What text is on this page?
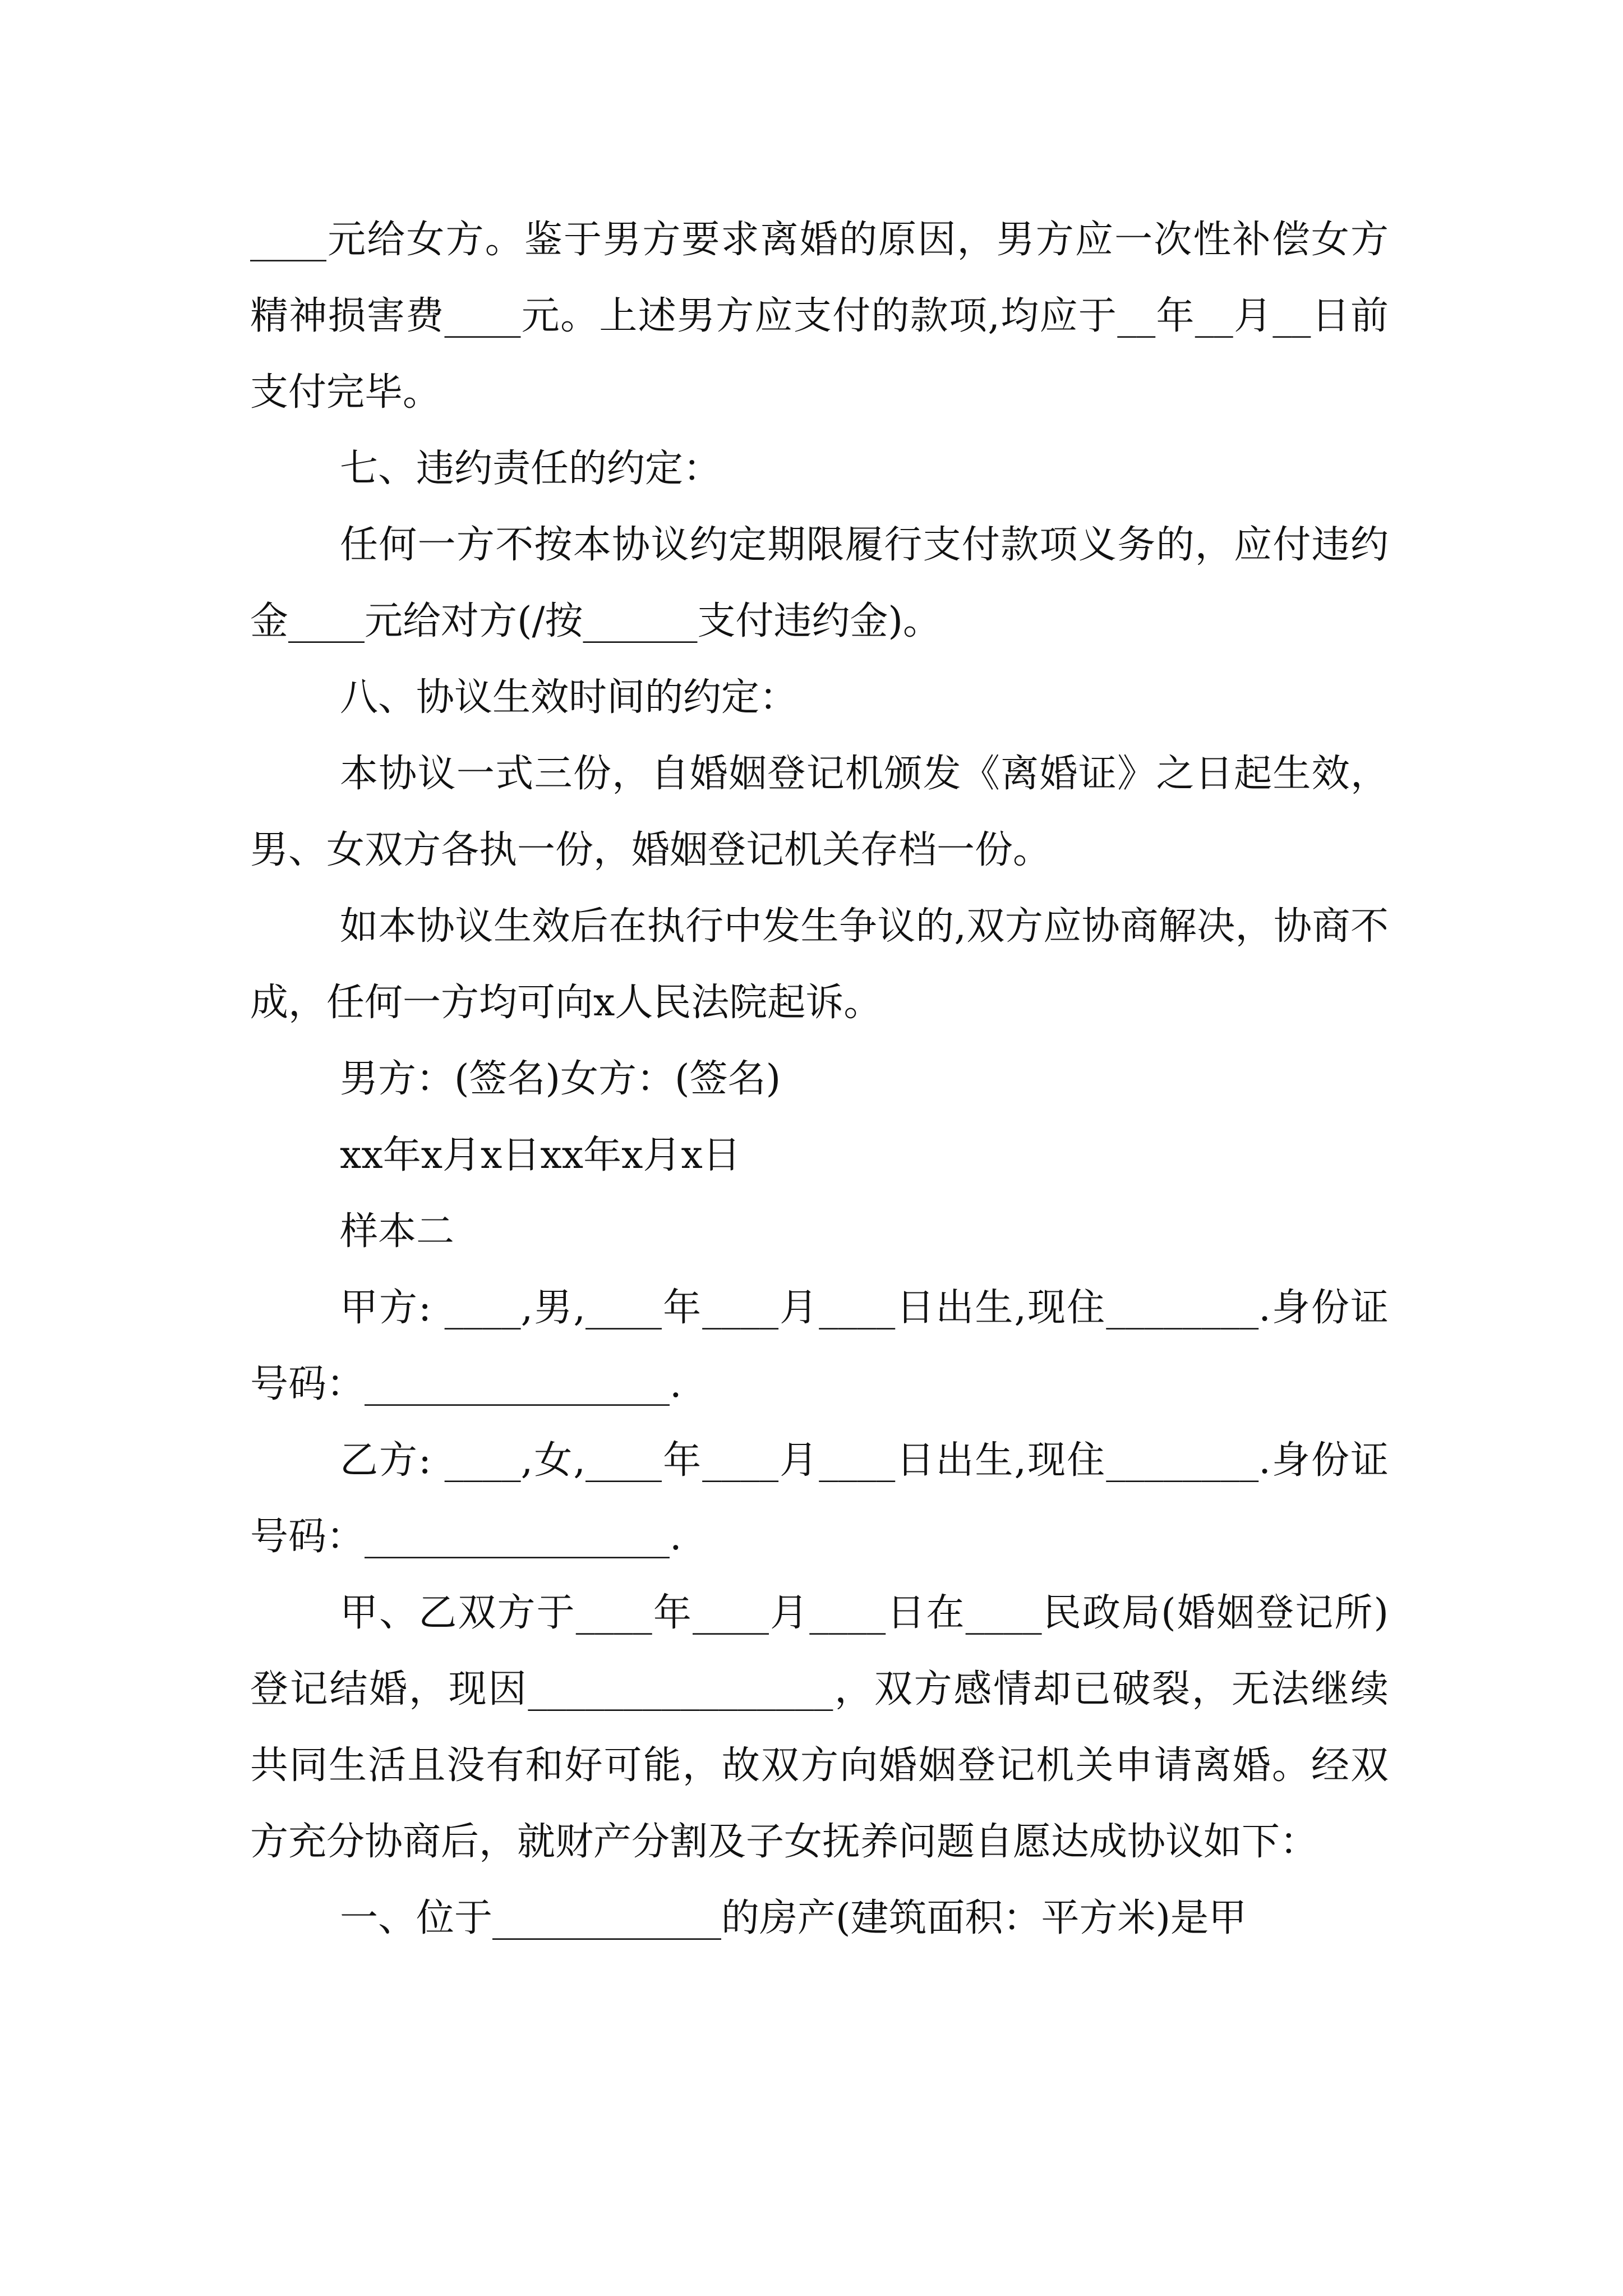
____元给女方。鉴于男方要求离婚的原因，男方应一次性补偿女方精神损害费____元。上述男方应支付的款项,均应于__年__月__日前支付完毕。

七、违约责任的约定：

任何一方不按本协议约定期限履行支付款项义务的，应付违约金____元给对方(/按______支付违约金)。

八、协议生效时间的约定：

本协议一式三份，自婚姻登记机颁发《离婚证》之日起生效，男、女双方各执一份，婚姻登记机关存档一份。

如本协议生效后在执行中发生争议的,双方应协商解决，协商不成，任何一方均可向x人民法院起诉。

男方：(签名)女方：(签名)

xx年x月x日xx年x月x日

样本二

甲方: ____,男,____年____月____日出生,现住________.身份证号码：________________.

乙方: ____,女,____年____月____日出生,现住________.身份证号码：________________.

甲、乙双方于____年____月____日在____民政局(婚姻登记所)登记结婚，现因________________，双方感情却已破裂，无法继续共同生活且没有和好可能，故双方向婚姻登记机关申请离婚。经双方充分协商后，就财产分割及子女抚养问题自愿达成协议如下：

一、位于____________的房产(建筑面积：平方米)是甲
